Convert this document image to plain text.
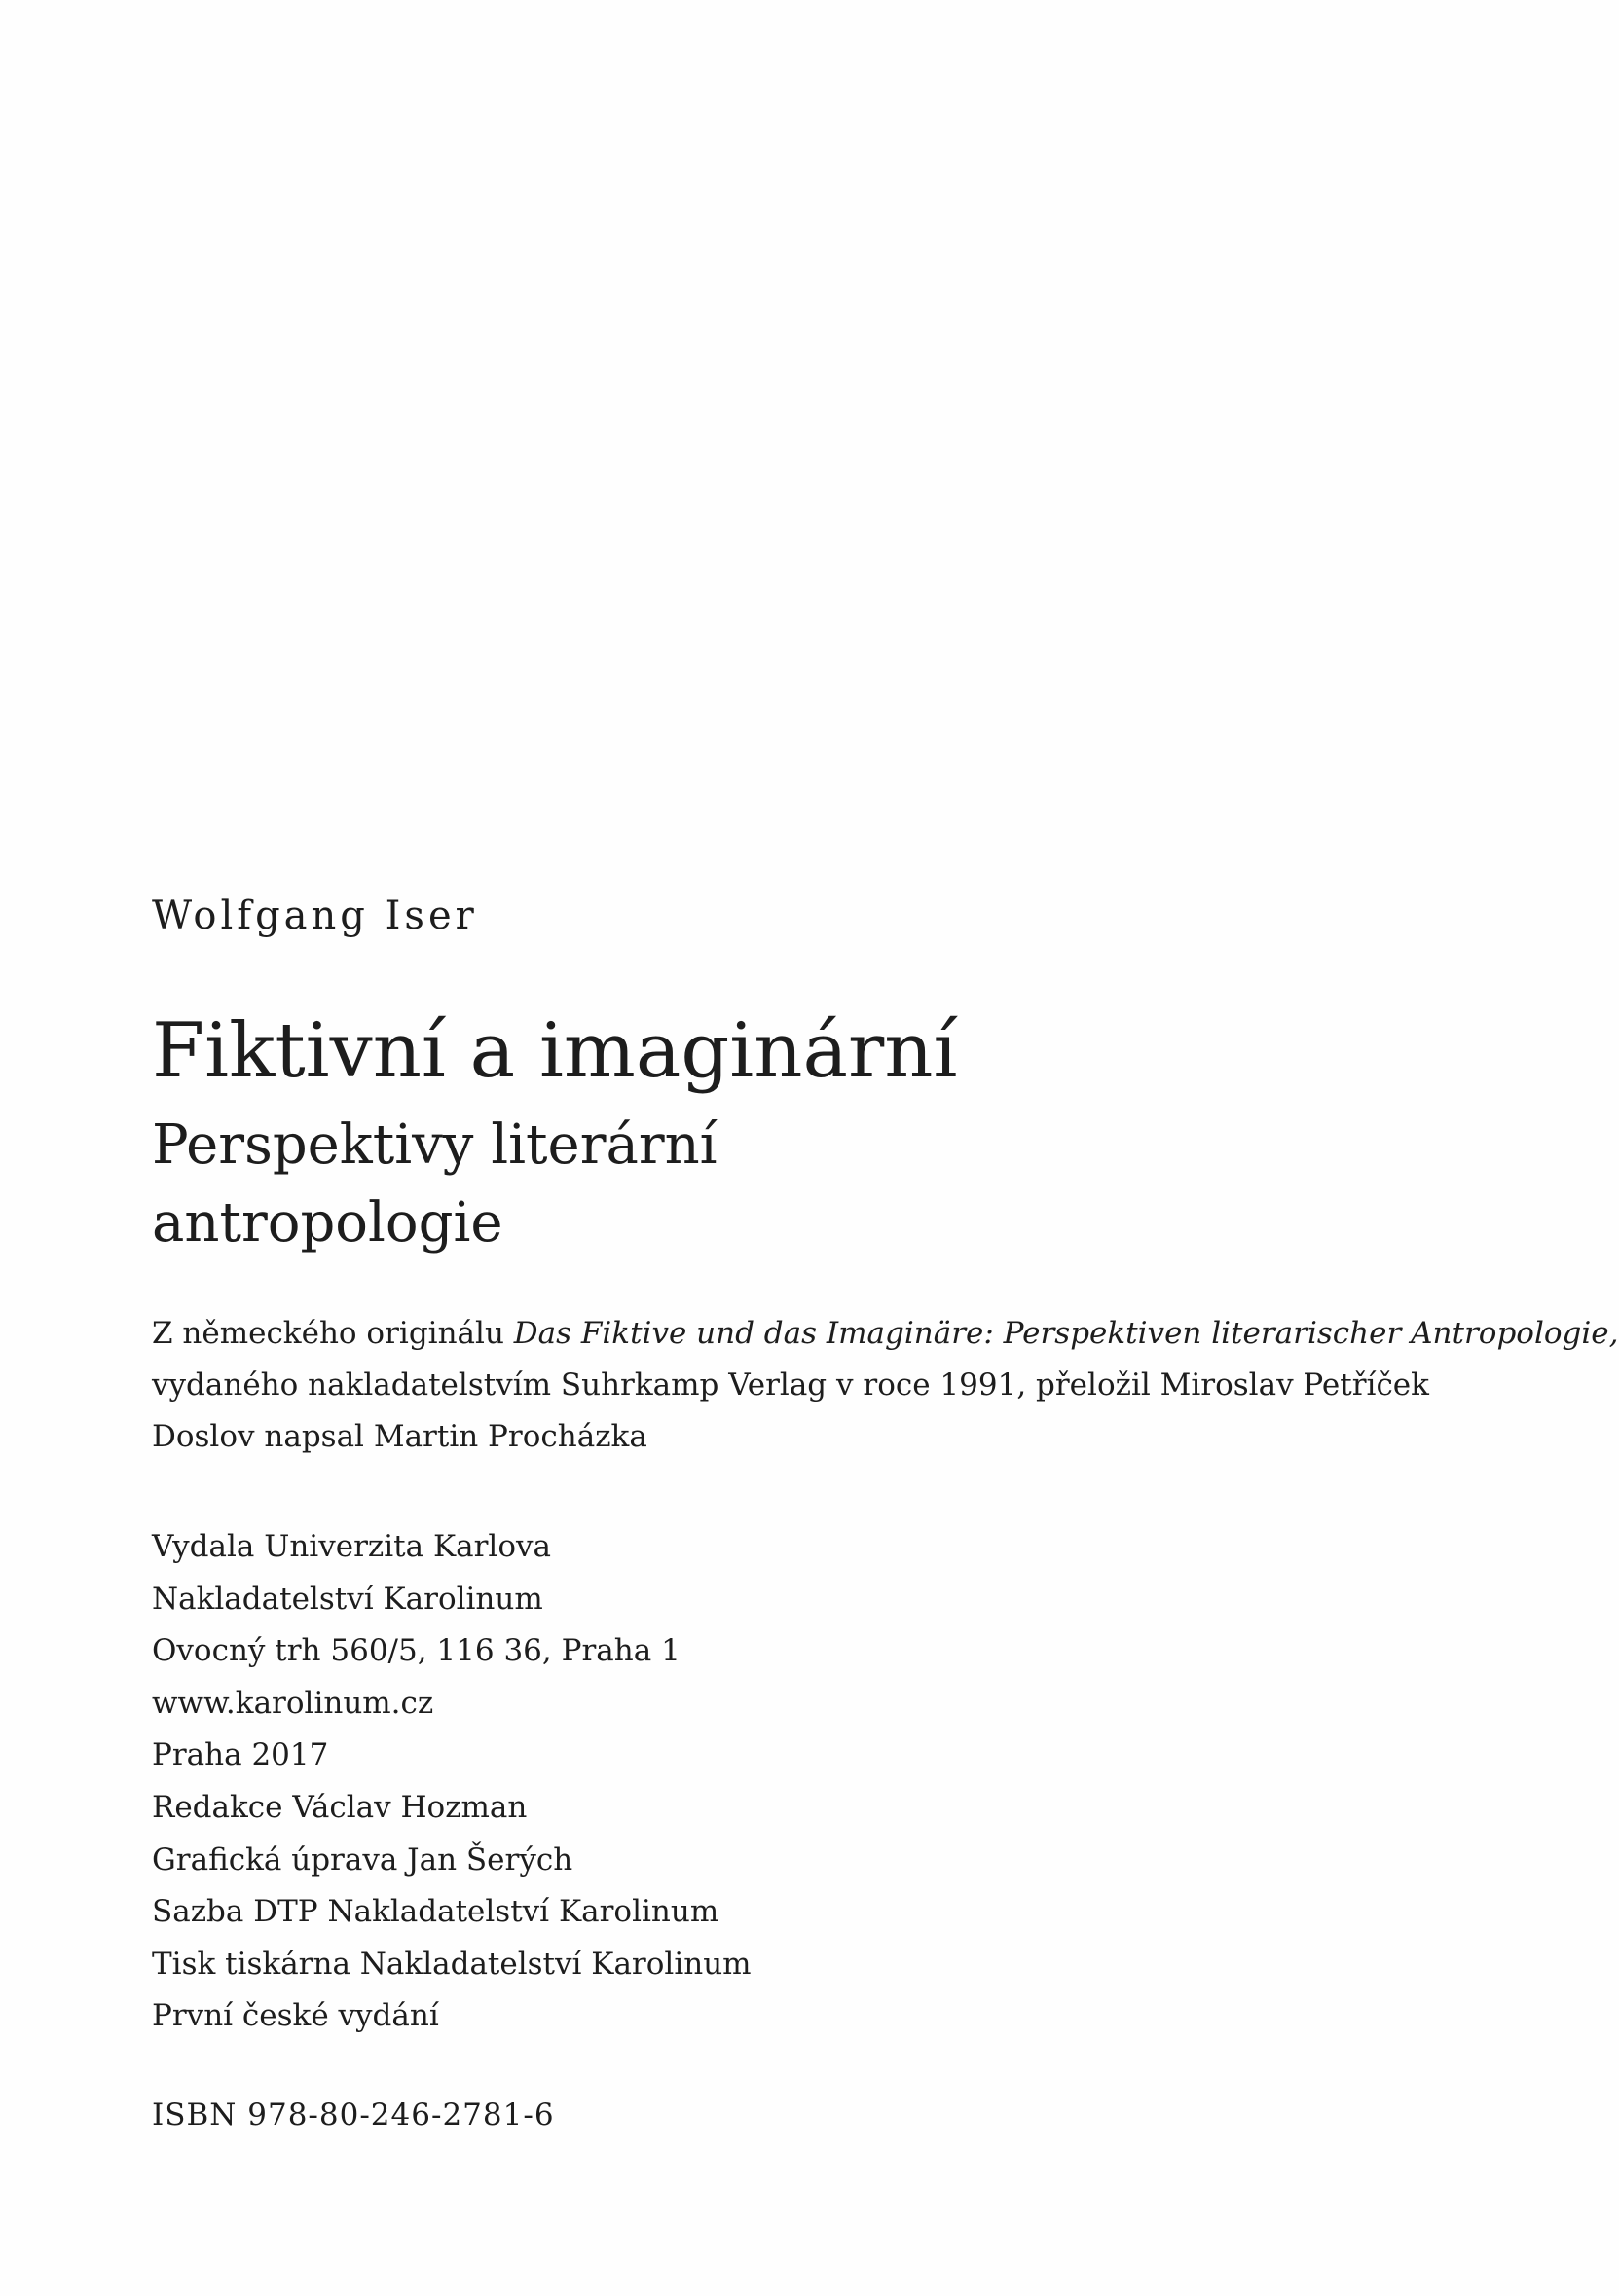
Wolfgang Iser
Fiktivní a imaginární
Perspektivy literární
antropologie
Z německého originálu Das Fiktive und das Imaginäre: Perspektiven literarischer Antropologie,
vydaného nakladatelstvím Suhrkamp Verlag v roce 1991, přeložil Miroslav Petříček
Doslov napsal Martin Procházka
Vydala Univerzita Karlova
Nakladatelství Karolinum
Ovocný trh 560/5, 116 36, Praha 1
www.karolinum.cz
Praha 2017
Redakce Václav Hozman
Grafická úprava Jan Šerých
Sazba DTP Nakladatelství Karolinum
Tisk tiskárna Nakladatelství Karolinum
První české vydání
ISBN 978-80-246-2781-6
